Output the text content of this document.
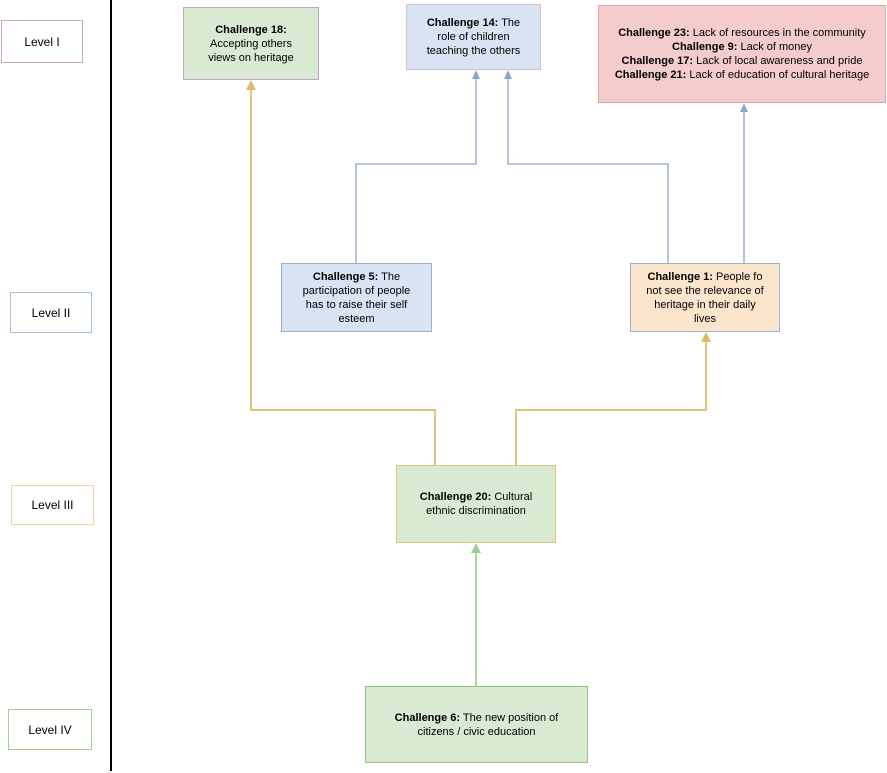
Level I
Level II
Level III
Level IV
Challenge 18: Accepting others views on heritage
Challenge 14: The role of children teaching the others
Challenge 23: Lack of resources in the community
Challenge 9: Lack of money
Challenge 17: Lack of local awareness and pride
Challenge 21: Lack of education of cultural heritage
Challenge 5: The participation of people has to raise their self esteem
Challenge 1: People fo not see the relevance of heritage in their daily lives
Challenge 20: Cultural ethnic discrimination
Challenge 6: The new position of citizens / civic education
